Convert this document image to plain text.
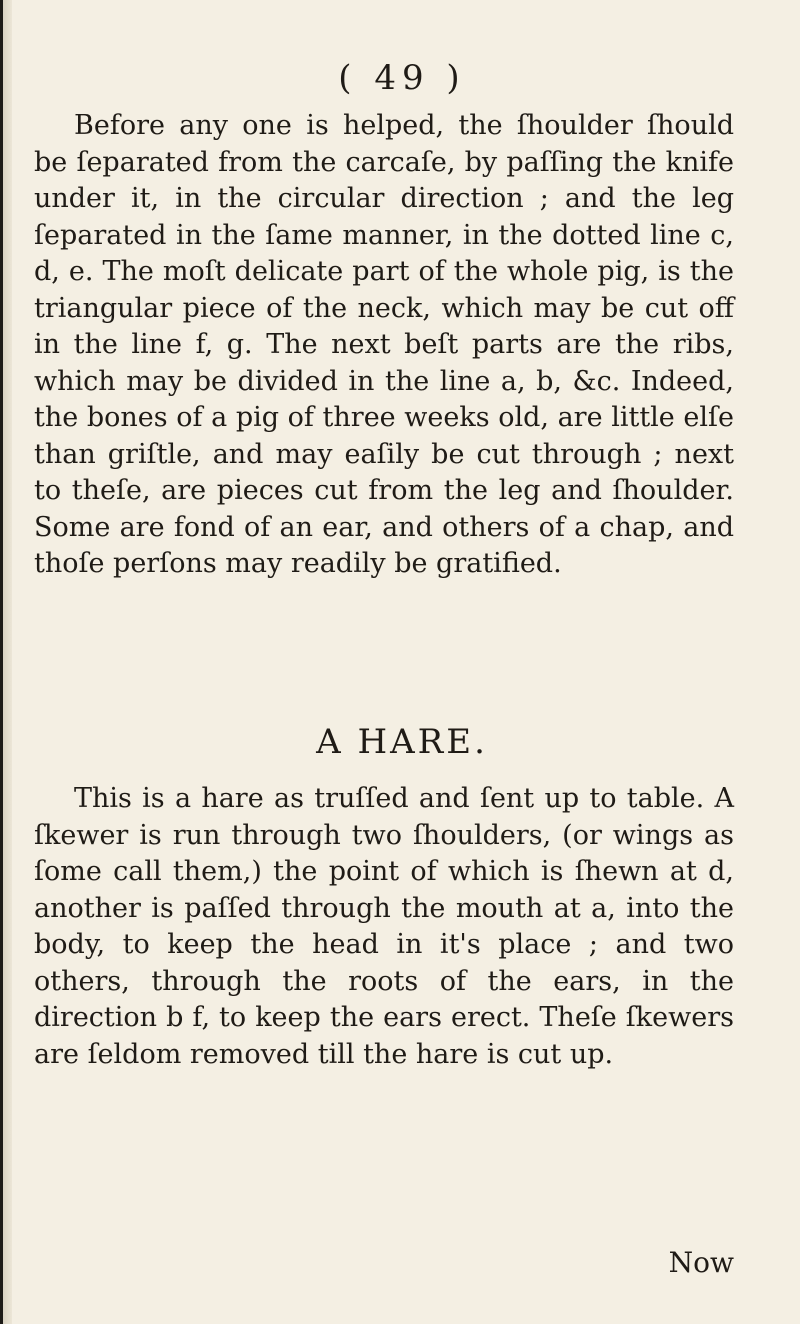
( 49 )

Before any one is helped, the ſhoulder ſhould be ſeparated from the carcaſe, by paſſing the knife under it, in the circular direction ; and the leg ſeparated in the ſame manner, in the dotted line c, d, e. The moſt delicate part of the whole pig, is the triangular piece of the neck, which may be cut off in the line f, g. The next beſt parts are the ribs, which may be divided in the line a, b, &c. Indeed, the bones of a pig of three weeks old, are little elſe than griſtle, and may eaſily be cut through ; next to theſe, are pieces cut from the leg and ſhoulder. Some are fond of an ear, and others of a chap, and thoſe perſons may readily be gratified.

A HARE.

This is a hare as truſſed and ſent up to table. A ſkewer is run through two ſhoulders, (or wings as ſome call them,) the point of which is ſhewn at d, another is paſſed through the mouth at a, into the body, to keep the head in it's place ; and two others, through the roots of the ears, in the direction b f, to keep the ears erect. Theſe ſkewers are ſeldom removed till the hare is cut up.

Now
